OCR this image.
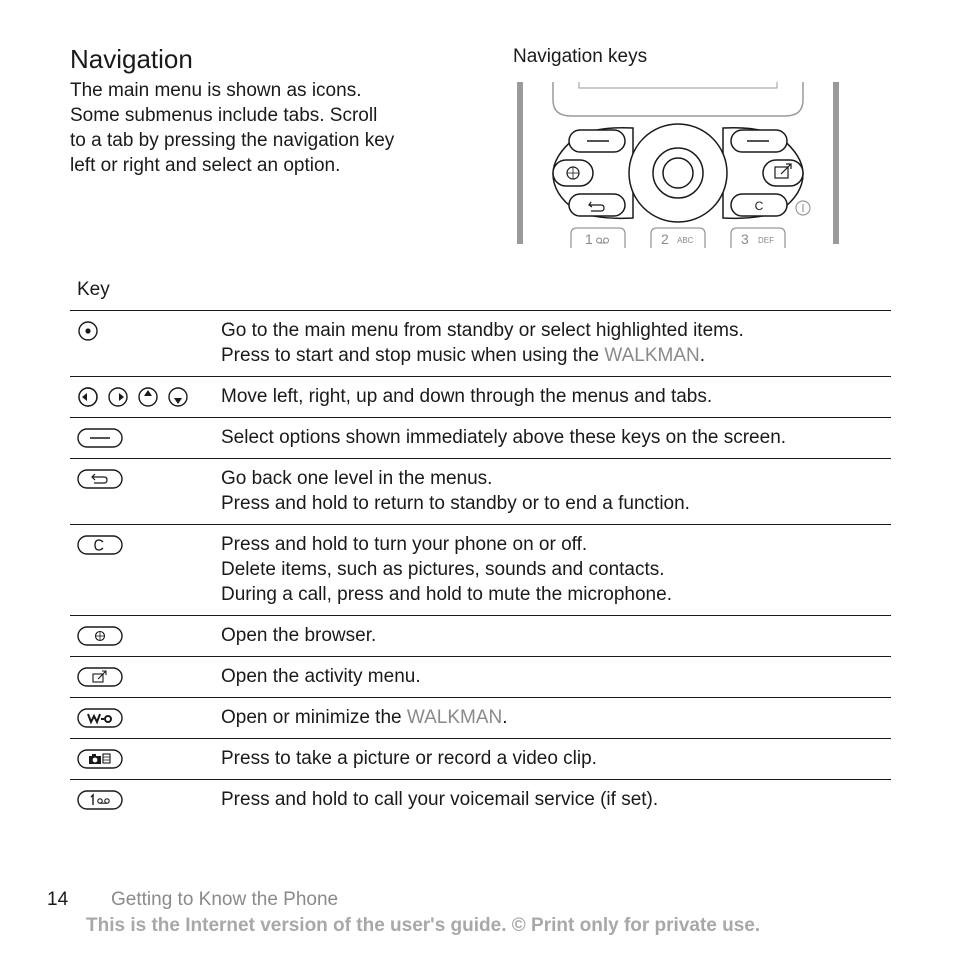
Navigation
The main menu is shown as icons.
Some submenus include tabs. Scroll
to a tab by pressing the navigation key
left or right and select an option.
Navigation keys
C
1	2 ABC	3 DEF
Key

Go to the main menu from standby or select highlighted items.
Press to start and stop music when using the WALKMAN.

Move left, right, up and down through the menus and tabs.

Select options shown immediately above these keys on the screen.

Go back one level in the menus.
Press and hold to return to standby or to end a function.

Press and hold to turn your phone on or off.
Delete items, such as pictures, sounds and contacts.
During a call, press and hold to mute the microphone.

Open the browser.

Open the activity menu.

Open or minimize the WALKMAN.

Press to take a picture or record a video clip.

Press and hold to call your voicemail service (if set).
14 Getting to Know the Phone
This is the Internet version of the user's guide. © Print only for private use.
